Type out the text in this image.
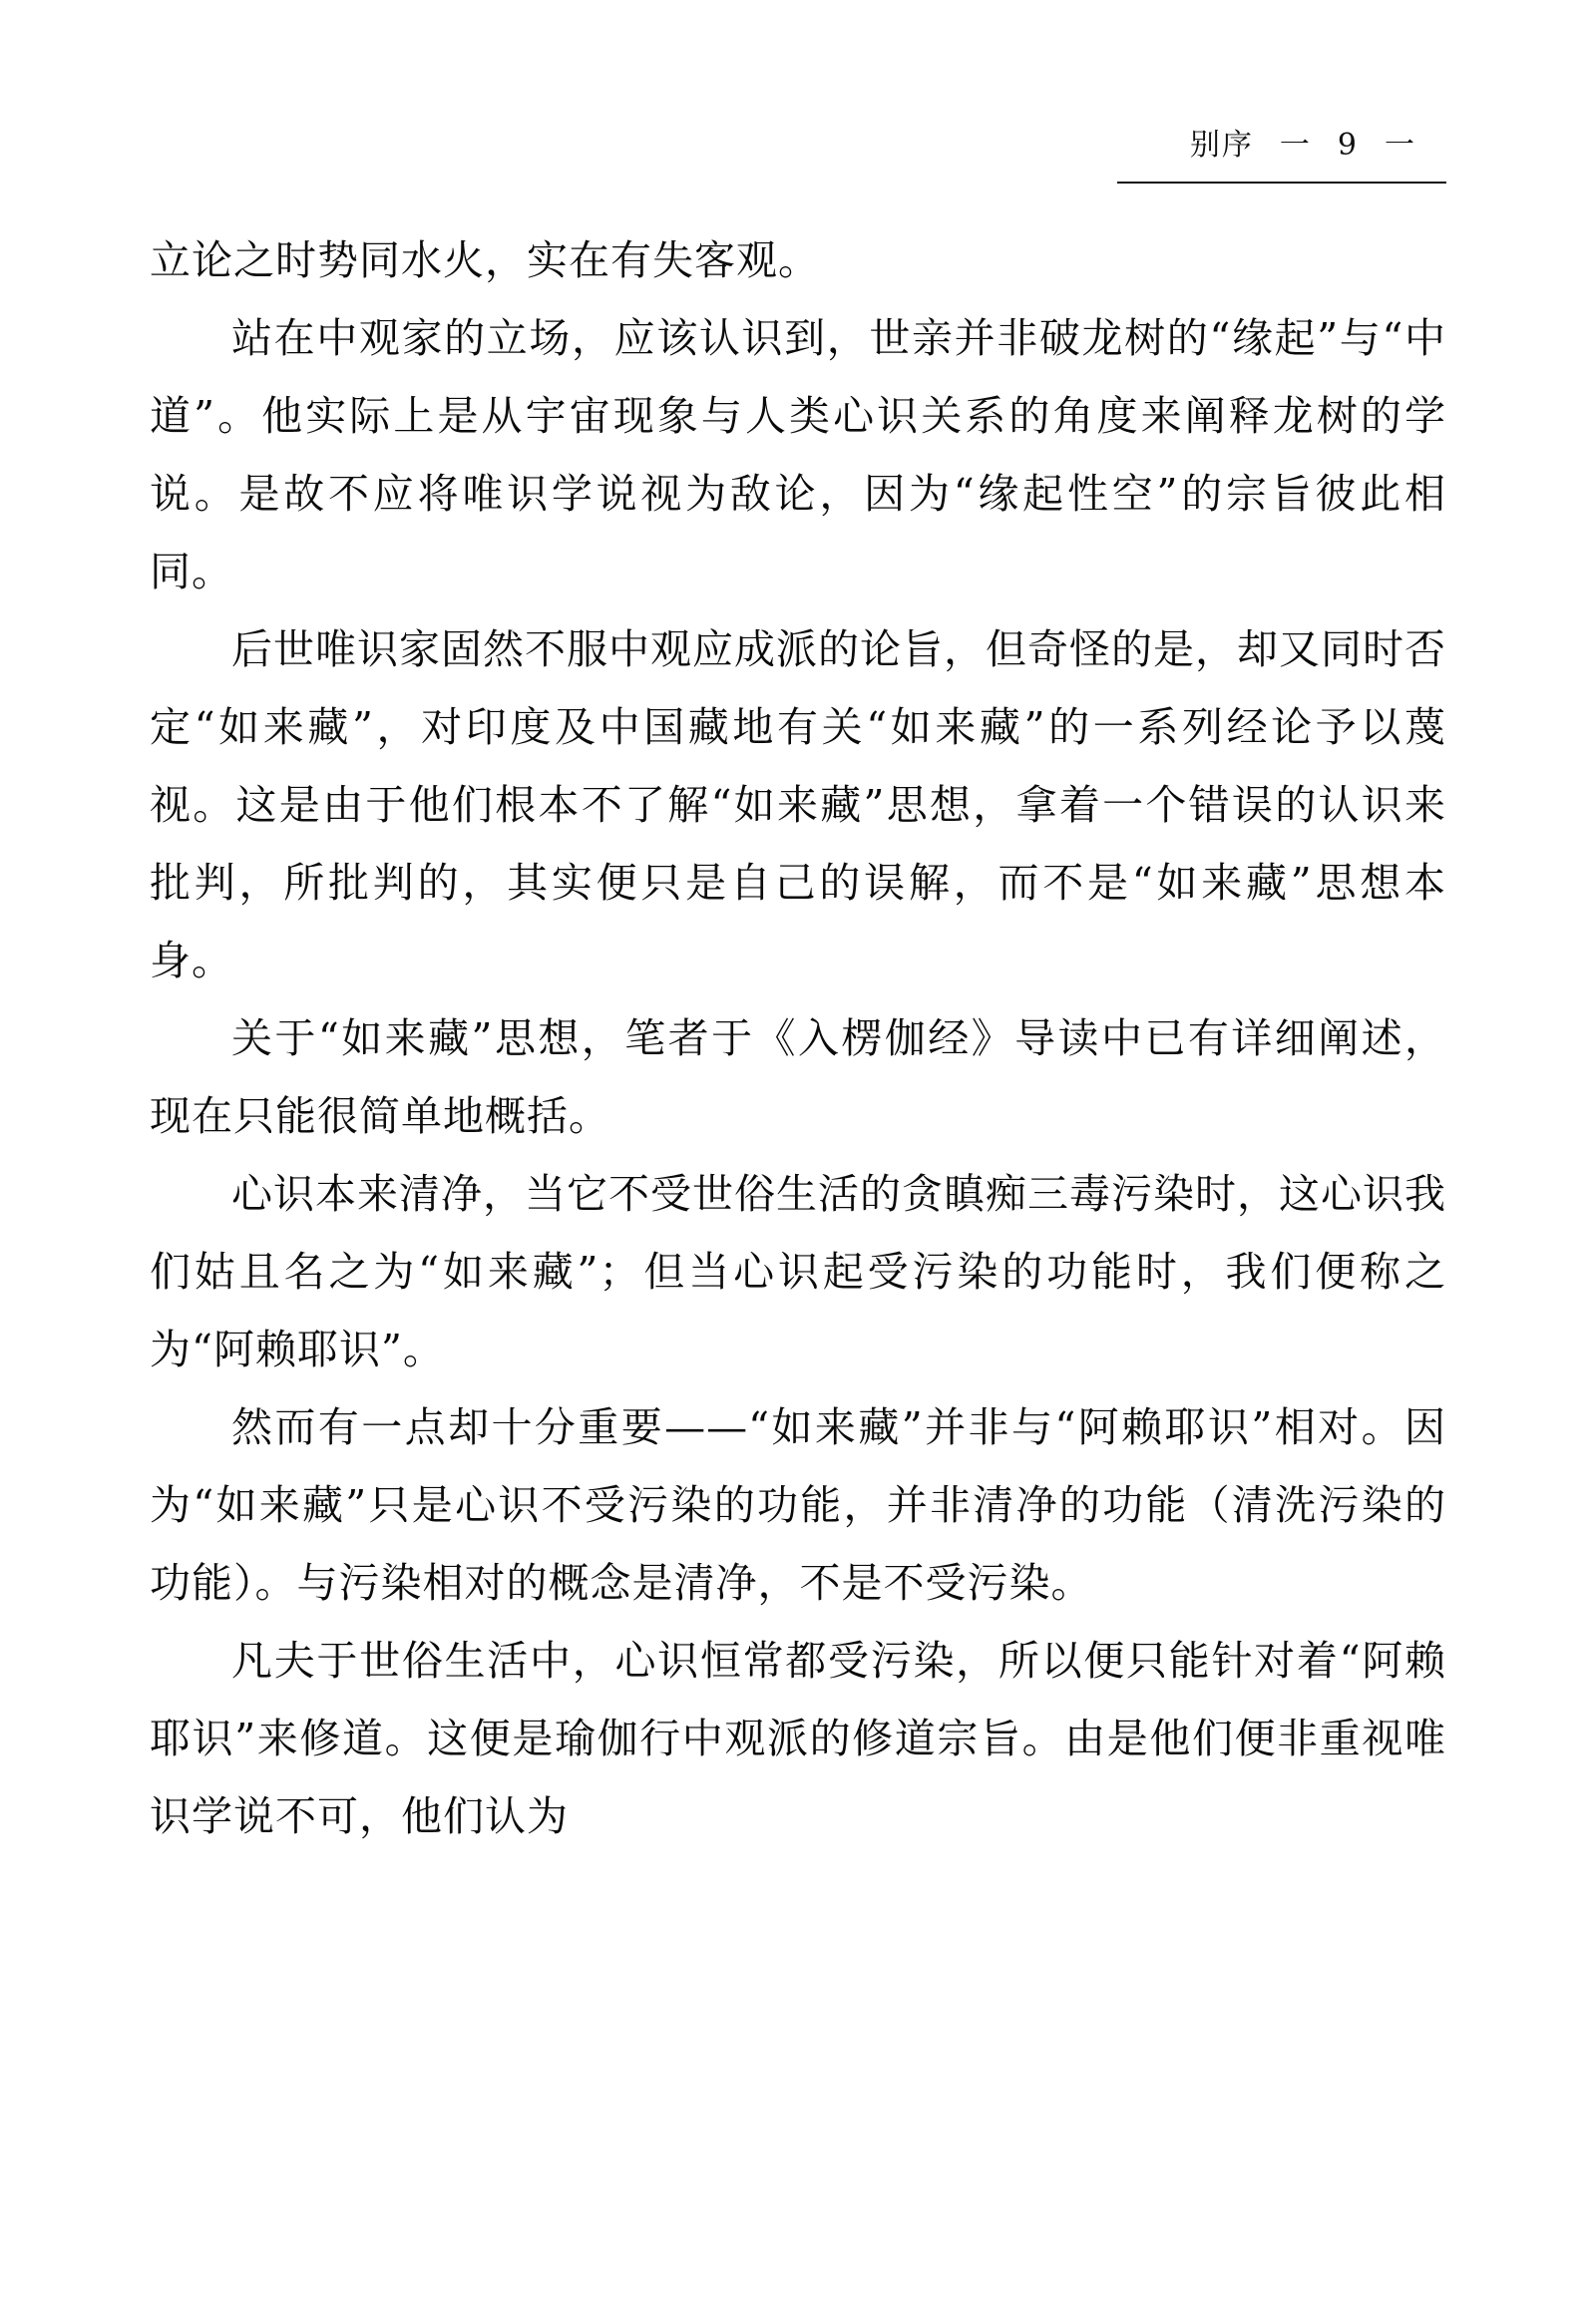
别序 一 9 一

立论之时势同水火，实在有失客观。

站在中观家的立场，应该认识到，世亲并非破龙树的“缘起”与“中道”。他实际上是从宇宙现象与人类心识关系的角度来阐释龙树的学说。是故不应将唯识学说视为敌论，因为“缘起性空”的宗旨彼此相同。

后世唯识家固然不服中观应成派的论旨，但奇怪的是，却又同时否定“如来藏”，对印度及中国藏地有关“如来藏”的一系列经论予以蔑视。这是由于他们根本不了解“如来藏”思想，拿着一个错误的认识来批判，所批判的，其实便只是自己的误解，而不是“如来藏”思想本身。

关于“如来藏”思想，笔者于《入楞伽经》导读中已有详细阐述，现在只能很简单地概括。

心识本来清净，当它不受世俗生活的贪瞋痴三毒污染时，这心识我们姑且名之为“如来藏”；但当心识起受污染的功能时，我们便称之为“阿赖耶识”。

然而有一点却十分重要——“如来藏”并非与“阿赖耶识”相对。因为“如来藏”只是心识不受污染的功能，并非清净的功能（清洗污染的功能）。与污染相对的概念是清净，不是不受污染。

凡夫于世俗生活中，心识恒常都受污染，所以便只能针对着“阿赖耶识”来修道。这便是瑜伽行中观派的修道宗旨。由是他们便非重视唯识学说不可，他们认为
